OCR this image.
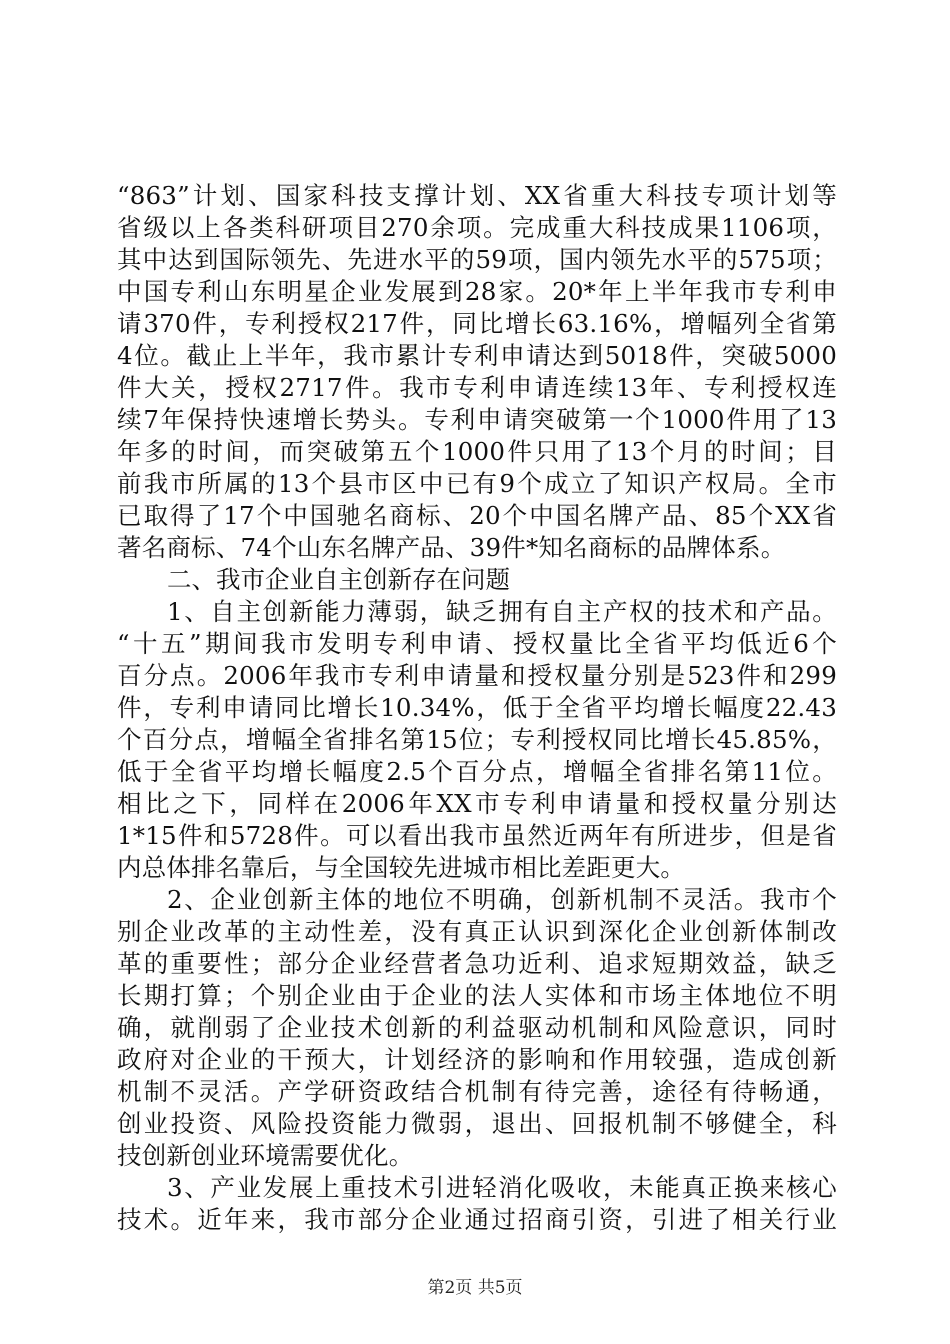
“863”计划、国家科技支撑计划、XX省重大科技专项计划等
省级以上各类科研项目270余项。完成重大科技成果1106项，
其中达到国际领先、先进水平的59项，国内领先水平的575项；
中国专利山东明星企业发展到28家。20*年上半年我市专利申
请370件，专利授权217件，同比增长63.16%，增幅列全省第
4位。截止上半年，我市累计专利申请达到5018件，突破5000
件大关，授权2717件。我市专利申请连续13年、专利授权连
续7年保持快速增长势头。专利申请突破第一个1000件用了13
年多的时间，而突破第五个1000件只用了13个月的时间；目
前我市所属的13个县市区中已有9个成立了知识产权局。全市
已取得了17个中国驰名商标、20个中国名牌产品、85个XX省
著名商标、74个山东名牌产品、39件*知名商标的品牌体系。
二、我市企业自主创新存在问题
1、自主创新能力薄弱，缺乏拥有自主产权的技术和产品。
“十五”期间我市发明专利申请、授权量比全省平均低近6个
百分点。2006年我市专利申请量和授权量分别是523件和299
件，专利申请同比增长10.34%，低于全省平均增长幅度22.43
个百分点，增幅全省排名第15位；专利授权同比增长45.85%，
低于全省平均增长幅度2.5个百分点，增幅全省排名第11位。
相比之下，同样在2006年XX市专利申请量和授权量分别达
1*15件和5728件。可以看出我市虽然近两年有所进步，但是省
内总体排名靠后，与全国较先进城市相比差距更大。
2、企业创新主体的地位不明确，创新机制不灵活。我市个
别企业改革的主动性差，没有真正认识到深化企业创新体制改
革的重要性；部分企业经营者急功近利、追求短期效益，缺乏
长期打算；个别企业由于企业的法人实体和市场主体地位不明
确，就削弱了企业技术创新的利益驱动机制和风险意识，同时
政府对企业的干预大，计划经济的影响和作用较强，造成创新
机制不灵活。产学研资政结合机制有待完善，途径有待畅通，
创业投资、风险投资能力微弱，退出、回报机制不够健全，科
技创新创业环境需要优化。
3、产业发展上重技术引进轻消化吸收，未能真正换来核心
技术。近年来，我市部分企业通过招商引资，引进了相关行业
第2页 共5页
